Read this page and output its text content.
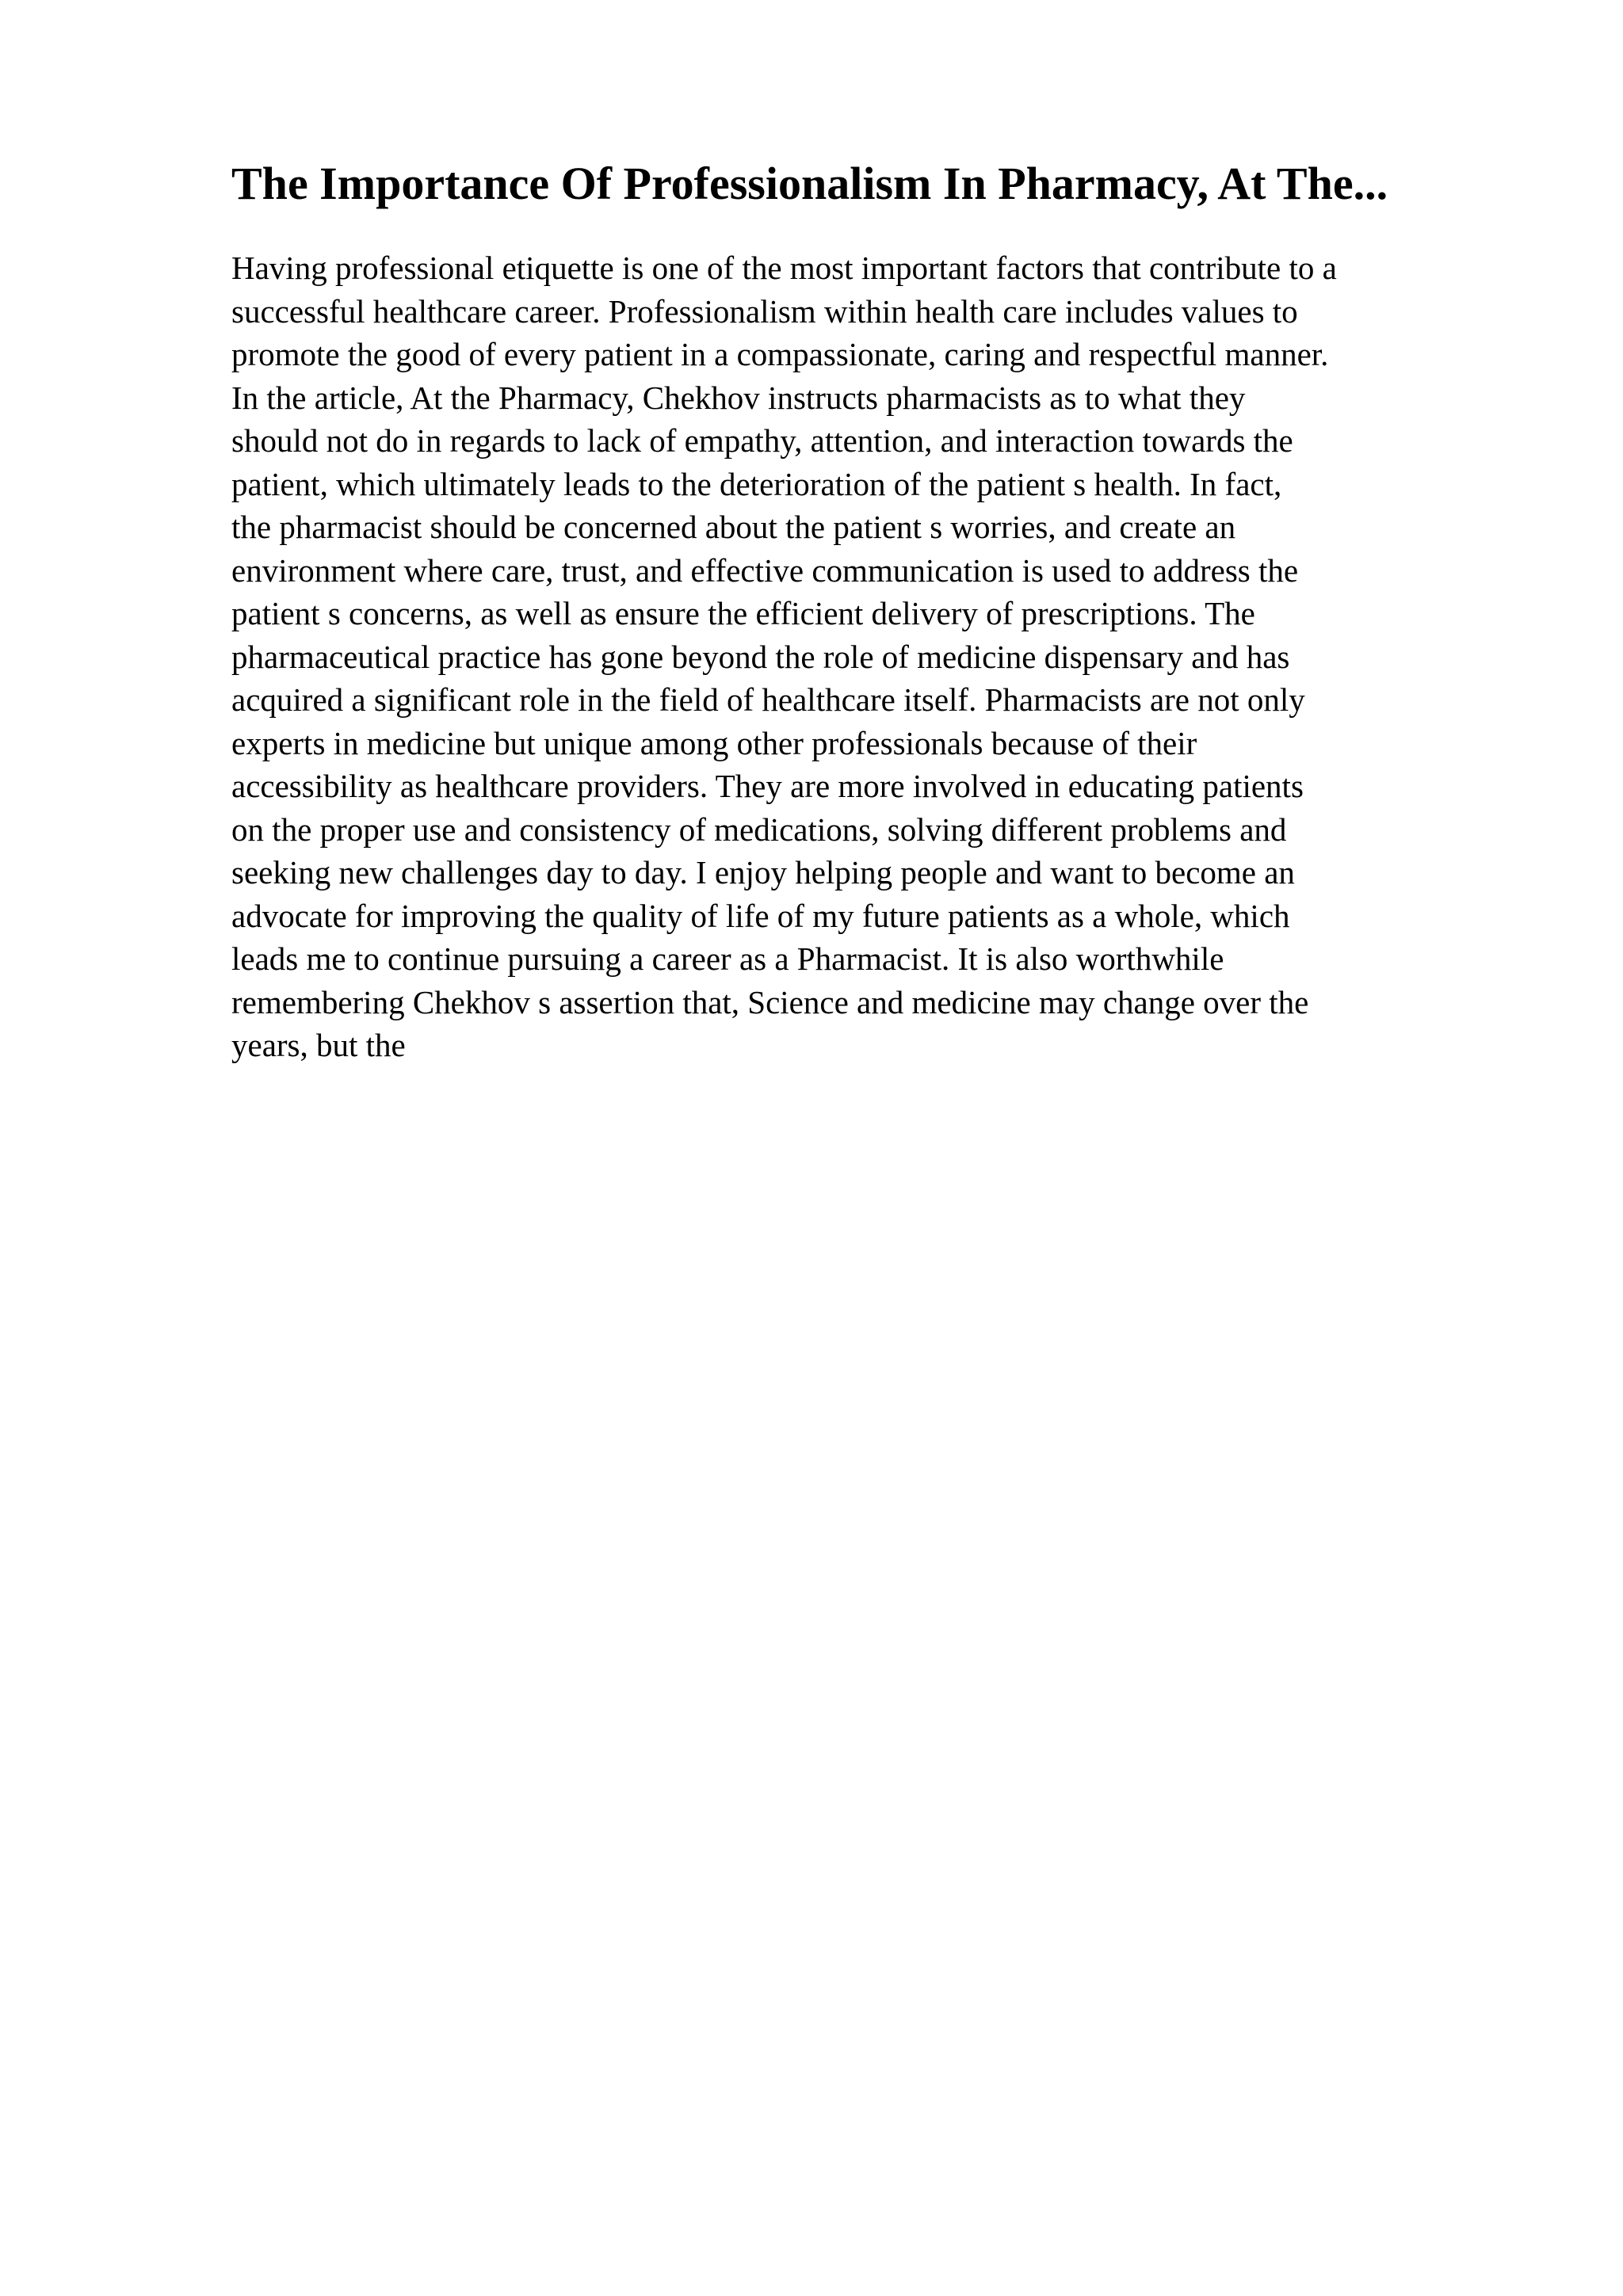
The Importance Of Professionalism In Pharmacy, At The...
Having professional etiquette is one of the most important factors that contribute to a
successful healthcare career. Professionalism within health care includes values to
promote the good of every patient in a compassionate, caring and respectful manner.
In the article, At the Pharmacy, Chekhov instructs pharmacists as to what they
should not do in regards to lack of empathy, attention, and interaction towards the
patient, which ultimately leads to the deterioration of the patient s health. In fact,
the pharmacist should be concerned about the patient s worries, and create an
environment where care, trust, and effective communication is used to address the
patient s concerns, as well as ensure the efficient delivery of prescriptions. The
pharmaceutical practice has gone beyond the role of medicine dispensary and has
acquired a significant role in the field of healthcare itself. Pharmacists are not only
experts in medicine but unique among other professionals because of their
accessibility as healthcare providers. They are more involved in educating patients
on the proper use and consistency of medications, solving different problems and
seeking new challenges day to day. I enjoy helping people and want to become an
advocate for improving the quality of life of my future patients as a whole, which
leads me to continue pursuing a career as a Pharmacist. It is also worthwhile
remembering Chekhov s assertion that, Science and medicine may change over the
years, but the
